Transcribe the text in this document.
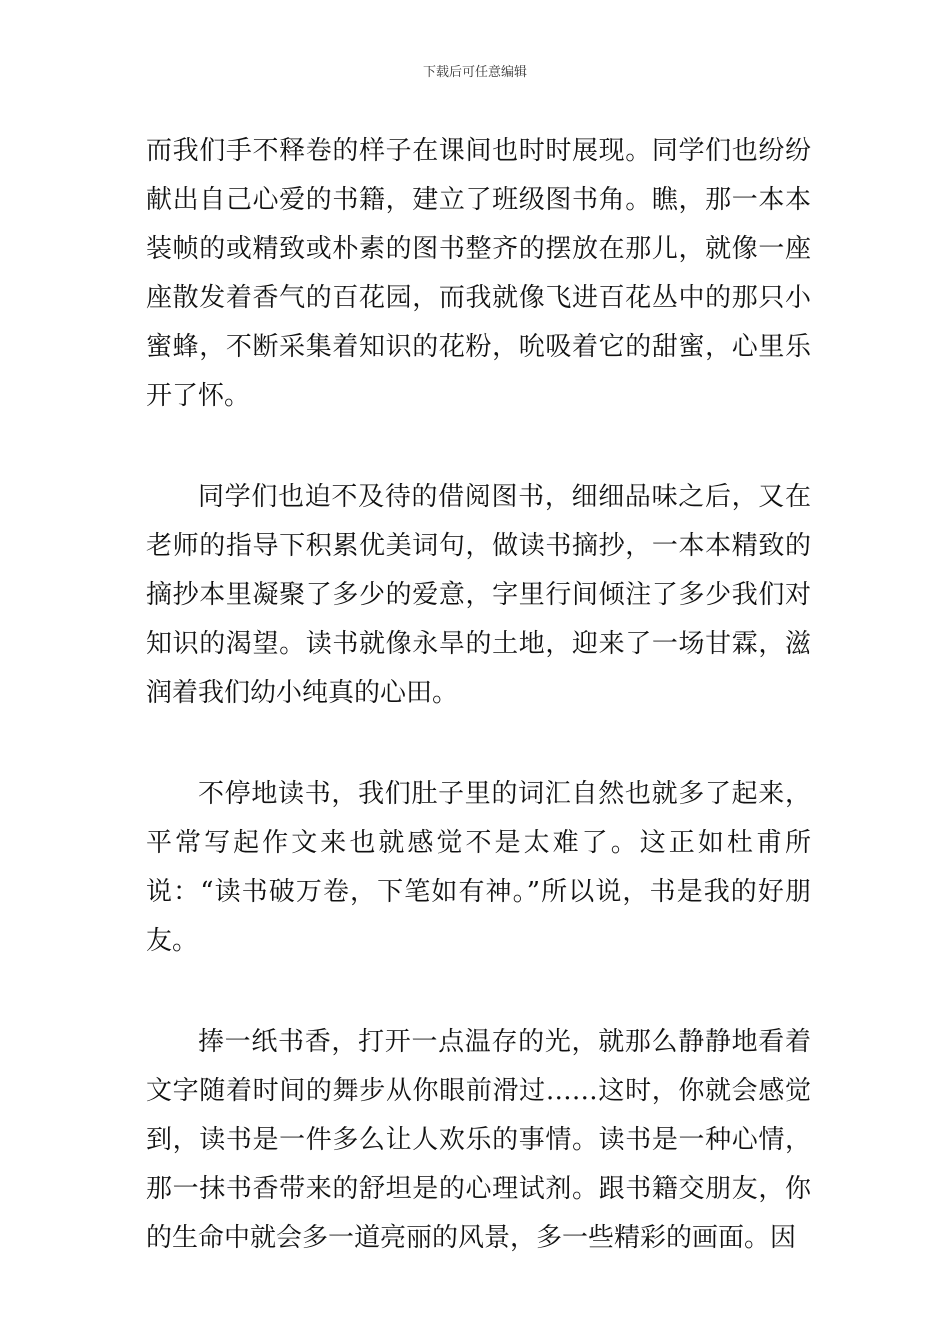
下载后可任意编辑

而我们手不释卷的样子在课间也时时展现。同学们也纷纷献出自己心爱的书籍，建立了班级图书角。瞧，那一本本装帧的或精致或朴素的图书整齐的摆放在那儿，就像一座座散发着香气的百花园，而我就像飞进百花丛中的那只小蜜蜂，不断采集着知识的花粉，吮吸着它的甜蜜，心里乐开了怀。

同学们也迫不及待的借阅图书，细细品味之后，又在老师的指导下积累优美词句，做读书摘抄，一本本精致的摘抄本里凝聚了多少的爱意，字里行间倾注了多少我们对知识的渴望。读书就像永旱的土地，迎来了一场甘霖，滋润着我们幼小纯真的心田。

不停地读书，我们肚子里的词汇自然也就多了起来，平常写起作文来也就感觉不是太难了。这正如杜甫所说：“读书破万卷，下笔如有神。”所以说，书是我的好朋友。

捧一纸书香，打开一点温存的光，就那么静静地看着文字随着时间的舞步从你眼前滑过……这时，你就会感觉到，读书是一件多么让人欢乐的事情。读书是一种心情，那一抹书香带来的舒坦是的心理试剂。跟书籍交朋友，你的生命中就会多一道亮丽的风景，多一些精彩的画面。因
